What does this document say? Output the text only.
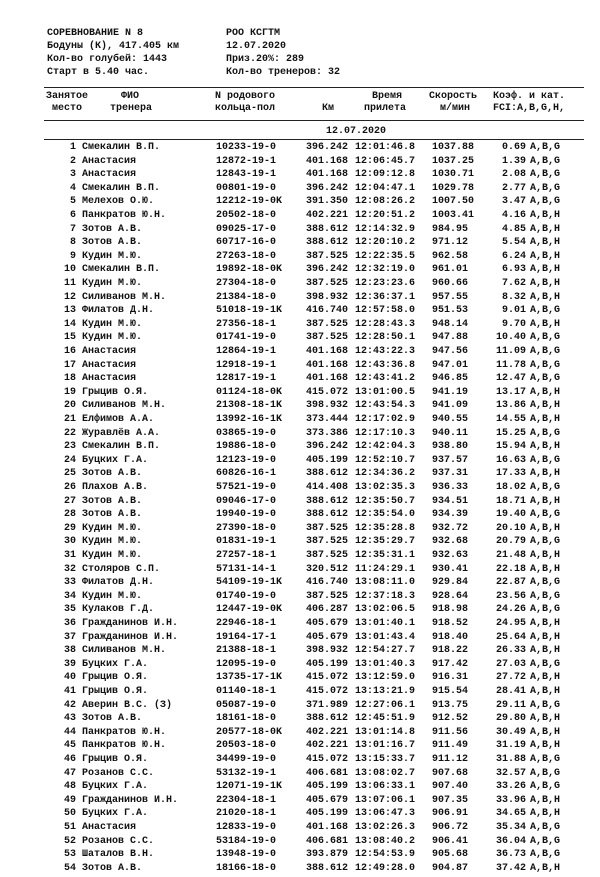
СОРЕВНОВАНИЕ N 8	РОО КСГТМ
Бодуны (К), 417.405 км	12.07.2020
Кол-во голубей: 1443	Приз.20%: 289
Старт в 5.40 час.	Кол-во тренеров: 32
Занятое
место
ФИО
тренера
N родового
кольца-пол	Км
Время
прилета
Скорость
м/мин
Коэф. и кат.
FCI:A,B,G,H,
12.07.2020
1 Смекалин В.П.	10233-19-0	396.242 12:01:46.8 1037.88	0.69 A,B,G
2 Анастасия	12872-19-1	401.168 12:06:45.7 1037.25	1.39 A,B,G
3 Анастасия	12843-19-1	401.168 12:09:12.8 1030.71	2.08 A,B,G
4 Смекалин В.П.	00801-19-0	396.242 12:04:47.1 1029.78	2.77 A,B,G
5 Мелехов О.Ю.	12212-19-0K 391.350 12:08:26.2 1007.50	3.47 A,B,G
6 Панкратов Ю.Н.	20502-18-0	402.221 12:20:51.2 1003.41	4.16 A,B,H
7 Зотов А.В.	09025-17-0	388.612 12:14:32.9 984.95	4.85 A,B,H
8 Зотов А.В.	60717-16-0	388.612 12:20:10.2 971.12	5.54 A,B,H
9 Кудин М.Ю.	27263-18-0	387.525 12:22:35.5 962.58	6.24 A,B,H
10 Смекалин В.П.	19892-18-0K 396.242 12:32:19.0 961.01	6.93 A,B,H
11 Кудин М.Ю.	27304-18-0	387.525 12:23:23.6 960.66	7.62 A,B,H
12 Силиванов М.Н.	21384-18-0	398.932 12:36:37.1 957.55	8.32 A,B,H
13 Филатов Д.Н.	51018-19-1K 416.740 12:57:58.0 951.53	9.01 A,B,G
14 Кудин М.Ю.	27356-18-1	387.525 12:28:43.3 948.14	9.70 A,B,H
15 Кудин М.Ю.	01741-19-0	387.525 12:28:50.1 947.88	10.40 A,B,G
16 Анастасия	12864-19-1	401.168 12:43:22.3 947.56	11.09 A,B,G
17 Анастасия	12918-19-1	401.168 12:43:36.8 947.01	11.78 A,B,G
18 Анастасия	12817-19-1	401.168 12:43:41.2 946.85	12.47 A,B,G
19 Грыцив О.Я.	01124-18-0K 415.072 13:01:00.5 941.19	13.17 A,B,H
20 Силиванов М.Н.	21308-18-1K 398.932 12:43:54.3 941.09	13.86 A,B,H
21 Елфимов А.А.	13992-16-1K 373.444 12:17:02.9 940.55	14.55 A,B,H
22 Журавлёв А.А.	03865-19-0	373.386 12:17:10.3 940.11	15.25 A,B,G
23 Смекалин В.П.	19886-18-0	396.242 12:42:04.3 938.80	15.94 A,B,H
24 Буцких Г.А.	12123-19-0	405.199 12:52:10.7 937.57	16.63 A,B,G
25 Зотов А.В.	60826-16-1	388.612 12:34:36.2 937.31	17.33 A,B,H
26 Плахов А.В.	57521-19-0	414.408 13:02:35.3 936.33	18.02 A,B,G
27 Зотов А.В.	09046-17-0	388.612 12:35:50.7 934.51	18.71 A,B,H
28 Зотов А.В.	19940-19-0	388.612 12:35:54.0 934.39	19.40 A,B,G
29 Кудин М.Ю.	27390-18-0	387.525 12:35:28.8 932.72	20.10 A,B,H
30 Кудин М.Ю.	01831-19-1	387.525 12:35:29.7 932.68	20.79 A,B,G
31 Кудин М.Ю.	27257-18-1	387.525 12:35:31.1 932.63	21.48 A,B,H
32 Столяров С.П.	57131-14-1	320.512 11:24:29.1 930.41	22.18 A,B,H
33 Филатов Д.Н.	54109-19-1K 416.740 13:08:11.0 929.84	22.87 A,B,G
34 Кудин М.Ю.	01740-19-0	387.525 12:37:18.3 928.64	23.56 A,B,G
35 Кулаков Г.Д.	12447-19-0K 406.287 13:02:06.5 918.98	24.26 A,B,G
36 Гражданинов И.Н.	22946-18-1	405.679 13:01:40.1 918.52	24.95 A,B,H
37 Гражданинов И.Н.	19164-17-1	405.679 13:01:43.4 918.40	25.64 A,B,H
38 Силиванов М.Н.	21388-18-1	398.932 12:54:27.7 918.22	26.33 A,B,H
39 Буцких Г.А.	12095-19-0	405.199 13:01:40.3 917.42	27.03 A,B,G
40 Грыцив О.Я.	13735-17-1K 415.072 13:12:59.0 916.31	27.72 A,B,H
41 Грыцив О.Я.	01140-18-1	415.072 13:13:21.9 915.54	28.41 A,B,H
42 Аверин В.С. (З)	05087-19-0	371.989 12:27:06.1 913.75	29.11 A,B,G
43 Зотов А.В.	18161-18-0	388.612 12:45:51.9 912.52	29.80 A,B,H
44 Панкратов Ю.Н.	20577-18-0K 402.221 13:01:14.8 911.56	30.49 A,B,H
45 Панкратов Ю.Н.	20503-18-0	402.221 13:01:16.7 911.49	31.19 A,B,H
46 Грыцив О.Я.	34499-19-0	415.072 13:15:33.7 911.12	31.88 A,B,G
47 Розанов С.С.	53132-19-1	406.681 13:08:02.7 907.68	32.57 A,B,G
48 Буцких Г.А.	12071-19-1K 405.199 13:06:33.1 907.40	33.26 A,B,G
49 Гражданинов И.Н.	22304-18-1	405.679 13:07:06.1 907.35	33.96 A,B,H
50 Буцких Г.А.	21020-18-1	405.199 13:06:47.3 906.91	34.65 A,B,H
51 Анастасия	12833-19-0	401.168 13:02:26.3 906.72	35.34 A,B,G
52 Розанов С.С.	53184-19-0	406.681 13:08:40.2 906.41	36.04 A,B,G
53 Шаталов В.Н.	13948-19-0	393.879 12:54:53.9 905.68	36.73 A,B,G
54 Зотов А.В.	18166-18-0	388.612 12:49:28.0 904.87	37.42 A,B,H
